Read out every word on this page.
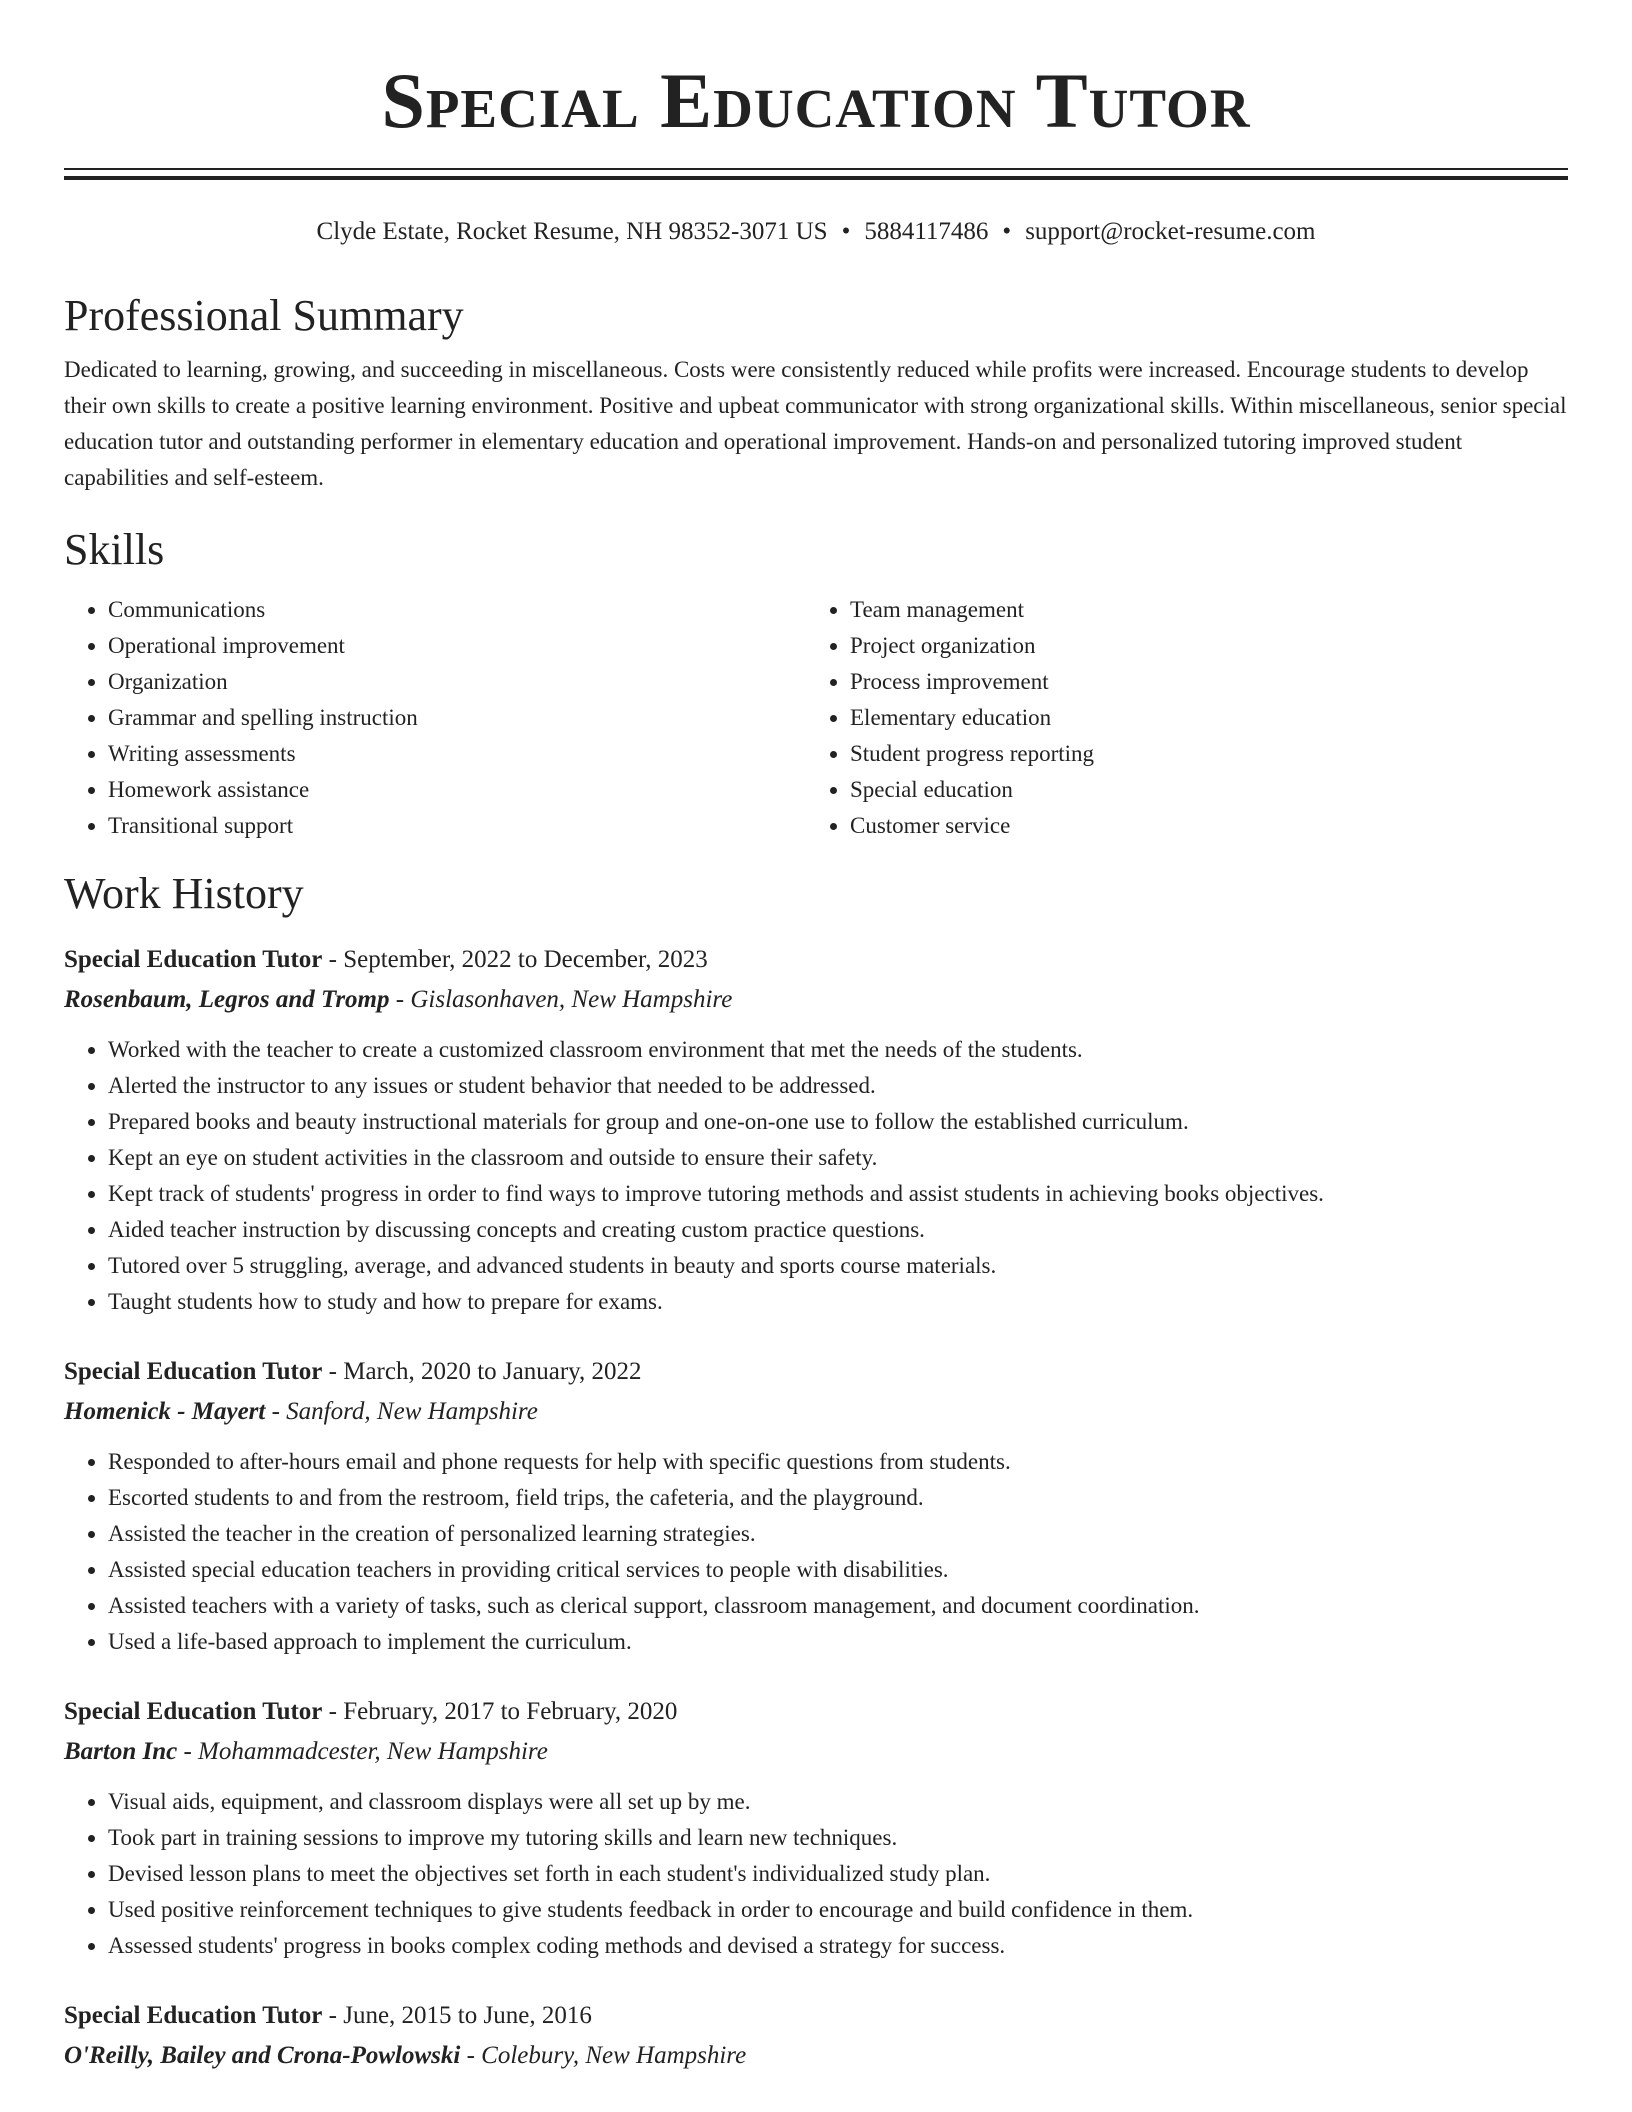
Special Education Tutor
Clyde Estate, Rocket Resume, NH 98352-3071 US • 5884117486 • support@rocket-resume.com
Professional Summary

Dedicated to learning, growing, and succeeding in miscellaneous. Costs were consistently reduced while profits were increased. Encourage students to develop their own skills to create a positive learning environment. Positive and upbeat communicator with strong organizational skills. Within miscellaneous, senior special education tutor and outstanding performer in elementary education and operational improvement. Hands-on and personalized tutoring improved student capabilities and self-esteem.

Skills
• Communications
• Operational improvement
• Organization
• Grammar and spelling instruction
• Writing assessments
• Homework assistance
• Transitional support
• Team management
• Project organization
• Process improvement
• Elementary education
• Student progress reporting
• Special education
• Customer service
Work History

Special Education Tutor - September, 2022 to December, 2023

Rosenbaum, Legros and Tromp - Gislasonhaven, New Hampshire

• Worked with the teacher to create a customized classroom environment that met the needs of the students.
• Alerted the instructor to any issues or student behavior that needed to be addressed.
• Prepared books and beauty instructional materials for group and one-on-one use to follow the established curriculum.
• Kept an eye on student activities in the classroom and outside to ensure their safety.
• Kept track of students' progress in order to find ways to improve tutoring methods and assist students in achieving books objectives.
• Aided teacher instruction by discussing concepts and creating custom practice questions.
• Tutored over 5 struggling, average, and advanced students in beauty and sports course materials.
• Taught students how to study and how to prepare for exams.

Special Education Tutor - March, 2020 to January, 2022

Homenick - Mayert - Sanford, New Hampshire

• Responded to after-hours email and phone requests for help with specific questions from students.
• Escorted students to and from the restroom, field trips, the cafeteria, and the playground.
• Assisted the teacher in the creation of personalized learning strategies.
• Assisted special education teachers in providing critical services to people with disabilities.
• Assisted teachers with a variety of tasks, such as clerical support, classroom management, and document coordination.
• Used a life-based approach to implement the curriculum.

Special Education Tutor - February, 2017 to February, 2020

Barton Inc - Mohammadcester, New Hampshire

• Visual aids, equipment, and classroom displays were all set up by me.
• Took part in training sessions to improve my tutoring skills and learn new techniques.
• Devised lesson plans to meet the objectives set forth in each student's individualized study plan.
• Used positive reinforcement techniques to give students feedback in order to encourage and build confidence in them.
• Assessed students' progress in books complex coding methods and devised a strategy for success.

Special Education Tutor - June, 2015 to June, 2016

O'Reilly, Bailey and Crona-Powlowski - Colebury, New Hampshire
